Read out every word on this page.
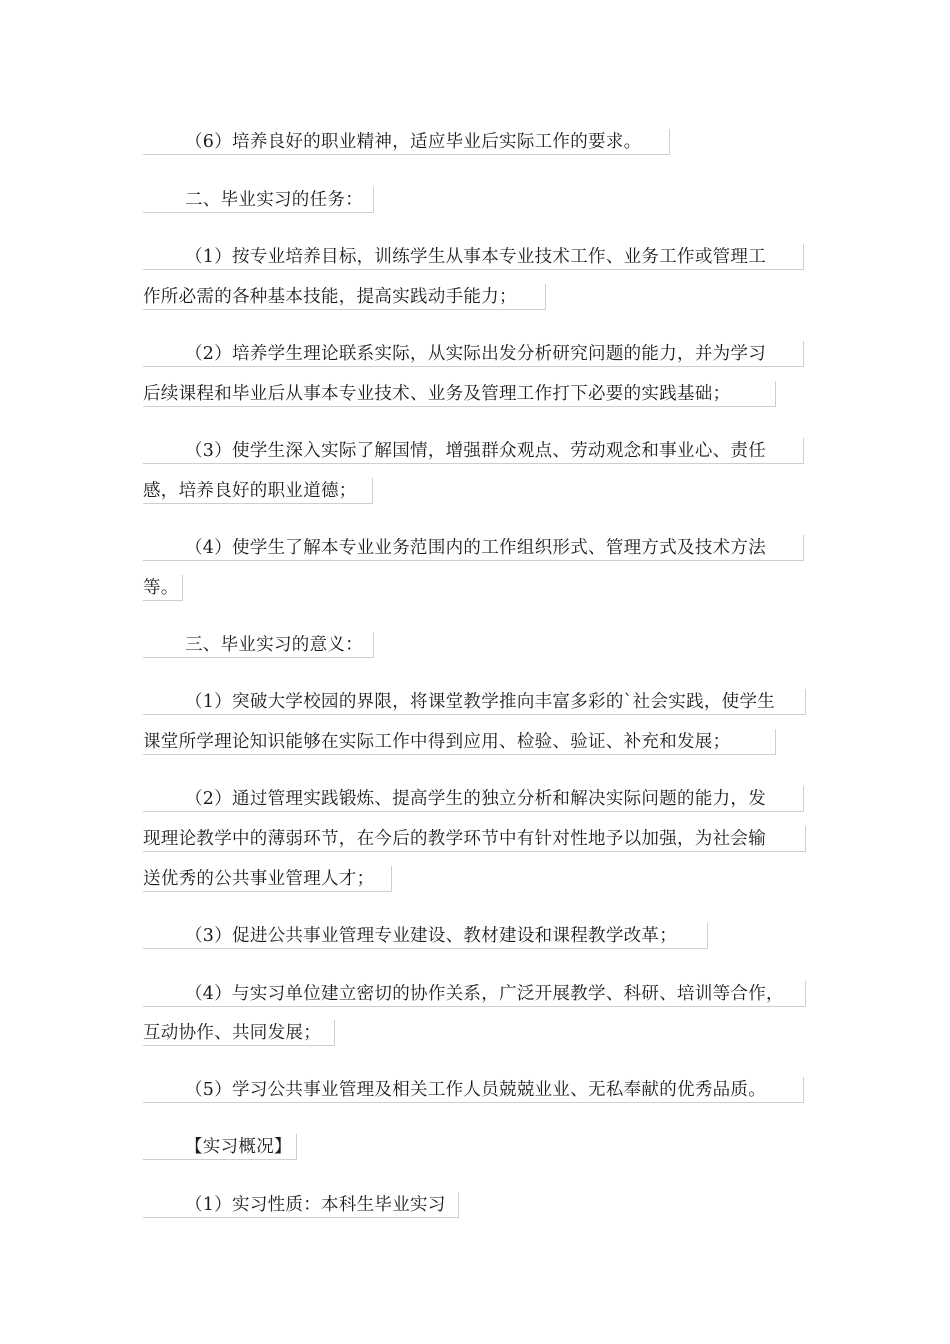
（6）培养良好的职业精神，适应毕业后实际工作的要求。
二、毕业实习的任务：
（1）按专业培养目标，训练学生从事本专业技术工作、业务工作或管理工
作所必需的各种基本技能，提高实践动手能力；
（2）培养学生理论联系实际，从实际出发分析研究问题的能力，并为学习
后续课程和毕业后从事本专业技术、业务及管理工作打下必要的实践基础；
（3）使学生深入实际了解国情，增强群众观点、劳动观念和事业心、责任
感，培养良好的职业道德；
（4）使学生了解本专业业务范围内的工作组织形式、管理方式及技术方法
等。
三、毕业实习的意义：
（1）突破大学校园的界限，将课堂教学推向丰富多彩的`社会实践，使学生
课堂所学理论知识能够在实际工作中得到应用、检验、验证、补充和发展；
（2）通过管理实践锻炼、提高学生的独立分析和解决实际问题的能力，发
现理论教学中的薄弱环节，在今后的教学环节中有针对性地予以加强，为社会输
送优秀的公共事业管理人才；
（3）促进公共事业管理专业建设、教材建设和课程教学改革；
（4）与实习单位建立密切的协作关系，广泛开展教学、科研、培训等合作，
互动协作、共同发展；
（5）学习公共事业管理及相关工作人员兢兢业业、无私奉献的优秀品质。
【实习概况】
（1）实习性质：本科生毕业实习
